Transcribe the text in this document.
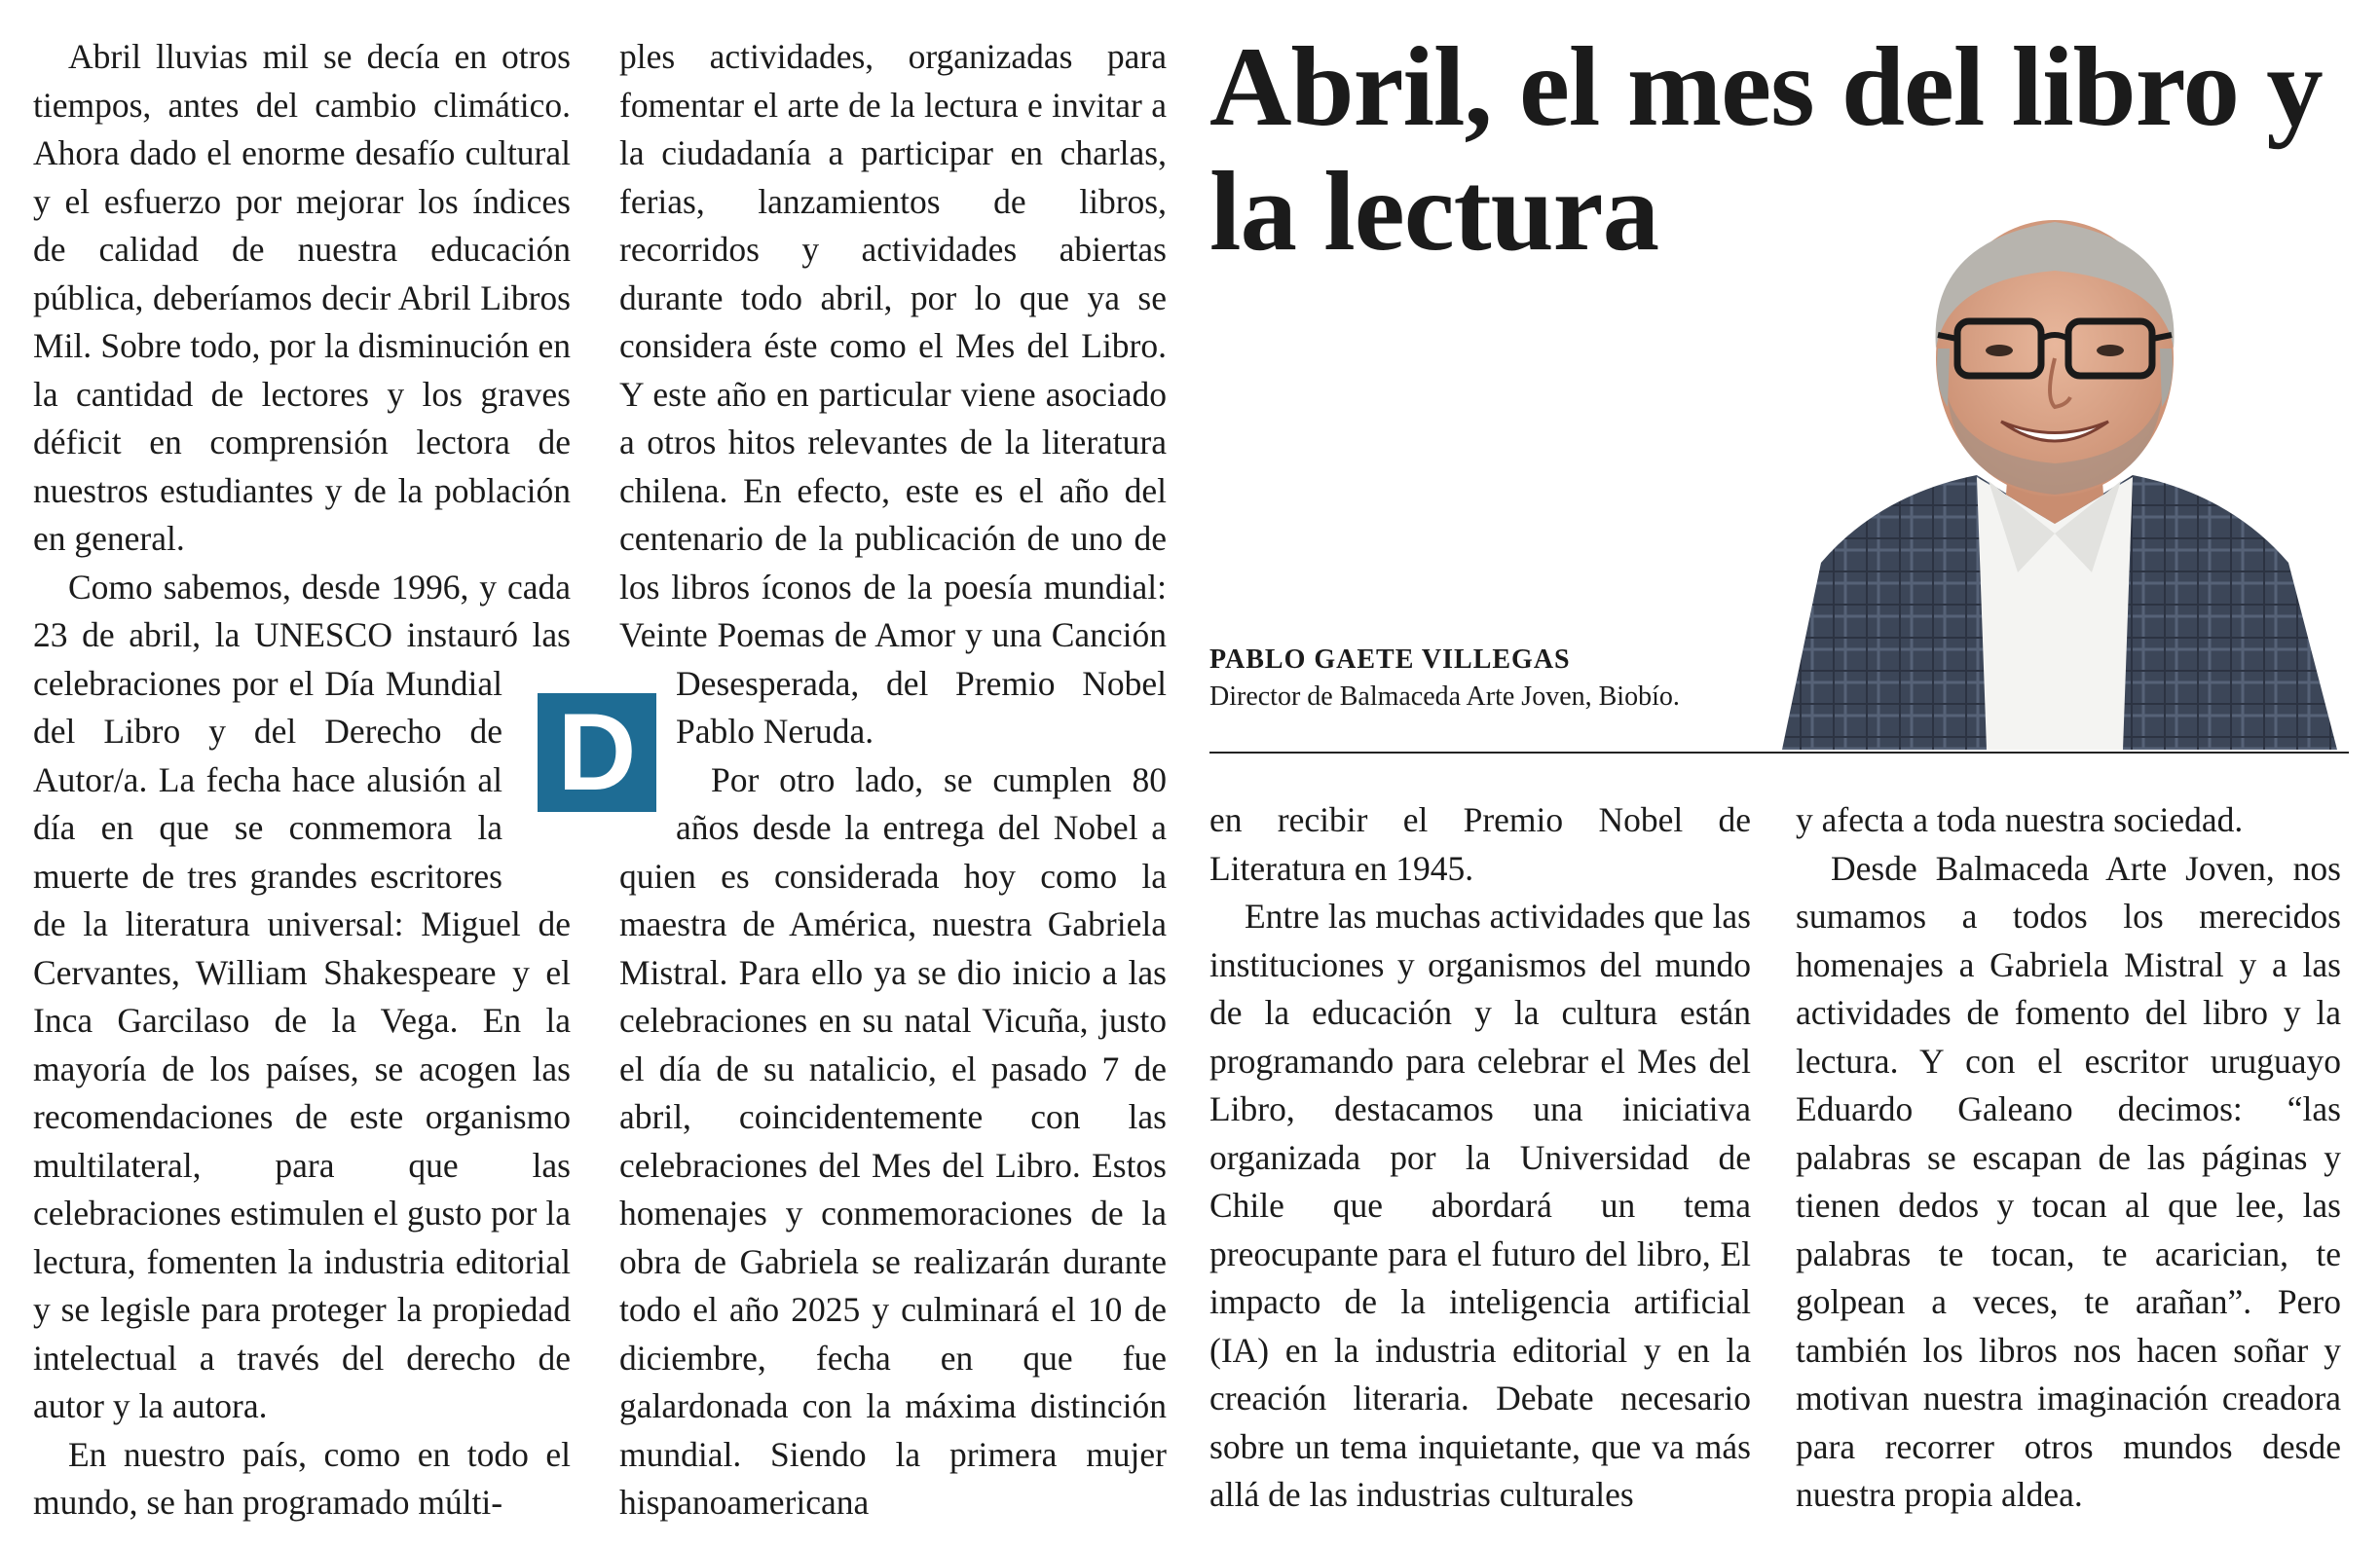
Abril lluvias mil se decía en otros tiempos, antes del cambio climático. Ahora dado el enorme desafío cultural y el esfuerzo por mejorar los índices de calidad de nuestra educación pública, deberíamos decir Abril Libros Mil. Sobre todo, por la disminución en la cantidad de lectores y los graves déficit en comprensión lectora de nuestros estudiantes y de la población en general.

Como sabemos, desde 1996, y cada 23 de abril, la UNESCO instauró las celebraciones por el Día Mundial del Libro y del Derecho de Autor/a. La fecha hace alusión al día en que se conmemora la muerte de tres grandes escritores de la literatura universal: Miguel de Cervantes, William Shakespeare y el Inca Garcilaso de la Vega. En la mayoría de los países, se acogen las recomendaciones de este organismo multilateral, para que las celebraciones estimulen el gusto por la lectura, fomenten la industria editorial y se legisle para proteger la propiedad intelectual a través del derecho de autor y la autora.

En nuestro país, como en todo el mundo, se han programado múlti-

ples actividades, organizadas para fomentar el arte de la lectura e invitar a la ciudadanía a participar en charlas, ferias, lanzamientos de libros, recorridos y actividades abiertas durante todo abril, por lo que ya se considera éste como el Mes del Libro. Y este año en particular viene asociado a otros hitos relevantes de la literatura chilena. En efecto, este es el año del centenario de la publicación de uno de los libros íconos de la poesía mundial: Veinte Poemas de Amor y una Canción Desesperada, del Premio Nobel Pablo Neruda.

Por otro lado, se cumplen 80 años desde la entrega del Nobel a quien es considerada hoy como la maestra de América, nuestra Gabriela Mistral. Para ello ya se dio inicio a las celebraciones en su natal Vicuña, justo el día de su natalicio, el pasado 7 de abril, coincidentemente con las celebraciones del Mes del Libro. Estos homenajes y conmemoraciones de la obra de Gabriela se realizarán durante todo el año 2025 y culminará el 10 de diciembre, fecha en que fue galardonada con la máxima distinción mundial. Siendo la primera mujer hispanoamericana

D
Abril, el mes del libro y la lectura
PABLO GAETE VILLEGAS
Director de Balmaceda Arte Joven, Biobío.

en recibir el Premio Nobel de Literatura en 1945.

Entre las muchas actividades que las instituciones y organismos del mundo de la educación y la cultura están programando para celebrar el Mes del Libro, destacamos una iniciativa organizada por la Universidad de Chile que abordará un tema preocupante para el futuro del libro, El impacto de la inteligencia artificial (IA) en la industria editorial y en la creación literaria. Debate necesario sobre un tema inquietante, que va más allá de las industrias culturales

y afecta a toda nuestra sociedad.

Desde Balmaceda Arte Joven, nos sumamos a todos los merecidos homenajes a Gabriela Mistral y a las actividades de fomento del libro y la lectura. Y con el escritor uruguayo Eduardo Galeano decimos: “las palabras se escapan de las páginas y tienen dedos y tocan al que lee, las palabras te tocan, te acarician, te golpean a veces, te arañan”. Pero también los libros nos hacen soñar y motivan nuestra imaginación creadora para recorrer otros mundos desde nuestra propia aldea.
